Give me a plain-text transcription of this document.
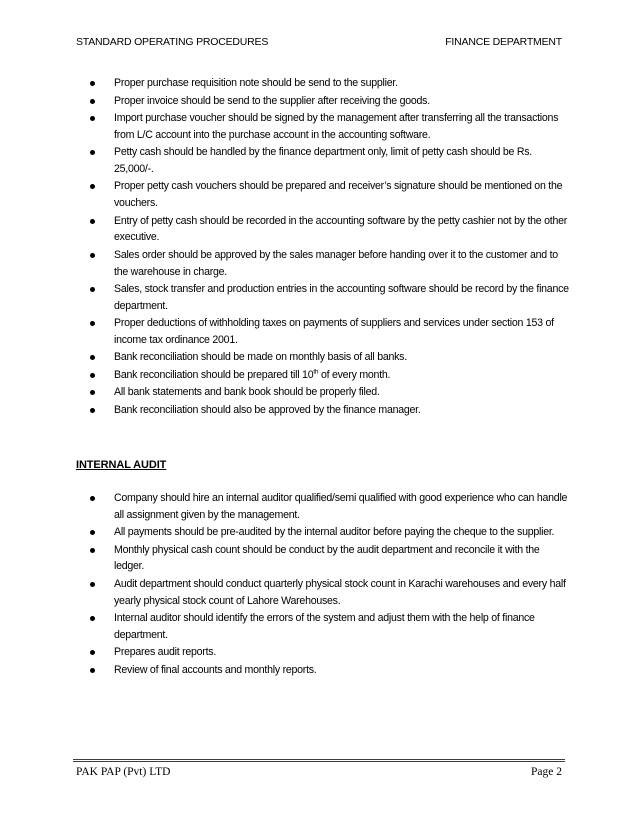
STANDARD OPERATING PROCEDURES	FINANCE DEPARTMENT
Proper purchase requisition note should be send to the supplier.
Proper invoice should be send to the supplier after receiving the goods.
Import purchase voucher should be signed by the management after transferring all the transactions from L/C account into the purchase account in the accounting software.
Petty cash should be handled by the finance department only, limit of petty cash should be Rs. 25,000/-.
Proper petty cash vouchers should be prepared and receiver’s signature should be mentioned on the vouchers.
Entry of petty cash should be recorded in the accounting software by the petty cashier not by the other executive.
Sales order should be approved by the sales manager before handing over it to the customer and to the warehouse in charge.
Sales, stock transfer and production entries in the accounting software should be record by the finance department.
Proper deductions of withholding taxes on payments of suppliers and services under section 153 of income tax ordinance 2001.
Bank reconciliation should be made on monthly basis of all banks.
Bank reconciliation should be prepared till 10th of every month.
All bank statements and bank book should be properly filed.
Bank reconciliation should also be approved by the finance manager.
INTERNAL AUDIT
Company should hire an internal auditor qualified/semi qualified with good experience who can handle all assignment given by the management.
All payments should be pre-audited by the internal auditor before paying the cheque to the supplier.
Monthly physical cash count should be conduct by the audit department and reconcile it with the ledger.
Audit department should conduct quarterly physical stock count in Karachi warehouses and every half yearly physical stock count of Lahore Warehouses.
Internal auditor should identify the errors of the system and adjust them with the help of finance department.
Prepares audit reports.
Review of final accounts and monthly reports.
PAK PAP (Pvt) LTD	Page 2
